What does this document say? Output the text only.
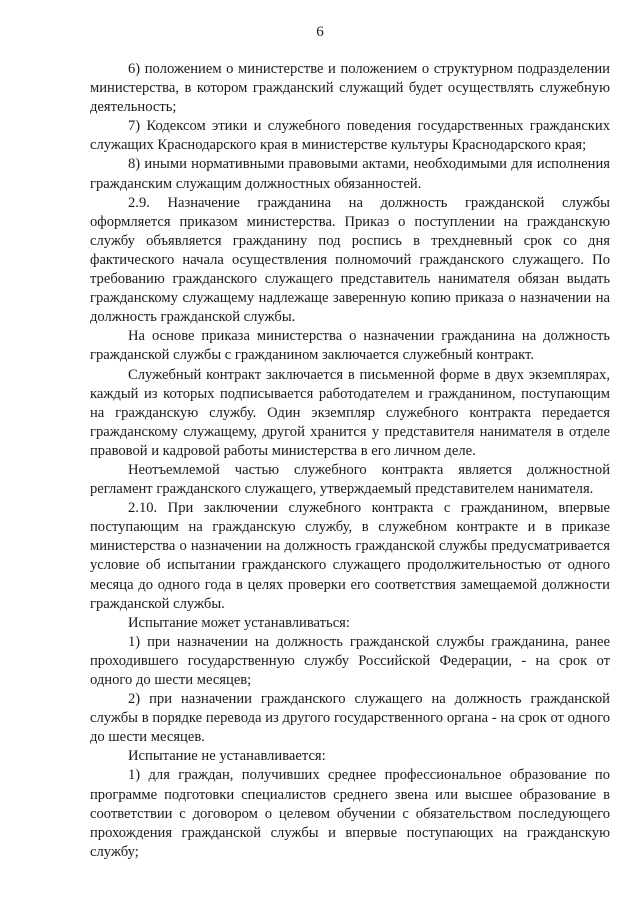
6

6) положением о министерстве и положением о структурном подразделении министерства, в котором гражданский служащий будет осуществлять служебную деятельность;

7) Кодексом этики и служебного поведения государственных гражданских служащих Краснодарского края в министерстве культуры Краснодарского края;

8) иными нормативными правовыми актами, необходимыми для исполнения гражданским служащим должностных обязанностей.

2.9. Назначение гражданина на должность гражданской службы оформляется приказом министерства. Приказ о поступлении на гражданскую службу объявляется гражданину под роспись в трехдневный срок со дня фактического начала осуществления полномочий гражданского служащего. По требованию гражданского служащего представитель нанимателя обязан выдать гражданскому служащему надлежаще заверенную копию приказа о назначении на должность гражданской службы.

На основе приказа министерства о назначении гражданина на должность гражданской службы с гражданином заключается служебный контракт.

Служебный контракт заключается в письменной форме в двух экземплярах, каждый из которых подписывается работодателем и гражданином, поступающим на гражданскую службу. Один экземпляр служебного контракта передается гражданскому служащему, другой хранится у представителя нанимателя в отделе правовой и кадровой работы министерства в его личном деле.

Неотъемлемой частью служебного контракта является должностной регламент гражданского служащего, утверждаемый представителем нанимателя.

2.10. При заключении служебного контракта с гражданином, впервые поступающим на гражданскую службу, в служебном контракте и в приказе министерства о назначении на должность гражданской службы предусматривается условие об испытании гражданского служащего продолжительностью от одного месяца до одного года в целях проверки его соответствия замещаемой должности гражданской службы.

Испытание может устанавливаться:

1) при назначении на должность гражданской службы гражданина, ранее проходившего государственную службу Российской Федерации, - на срок от одного до шести месяцев;

2) при назначении гражданского служащего на должность гражданской службы в порядке перевода из другого государственного органа - на срок от одного до шести месяцев.

Испытание не устанавливается:

1) для граждан, получивших среднее профессиональное образование по программе подготовки специалистов среднего звена или высшее образование в соответствии с договором о целевом обучении с обязательством последующего прохождения гражданской службы и впервые поступающих на гражданскую службу;
